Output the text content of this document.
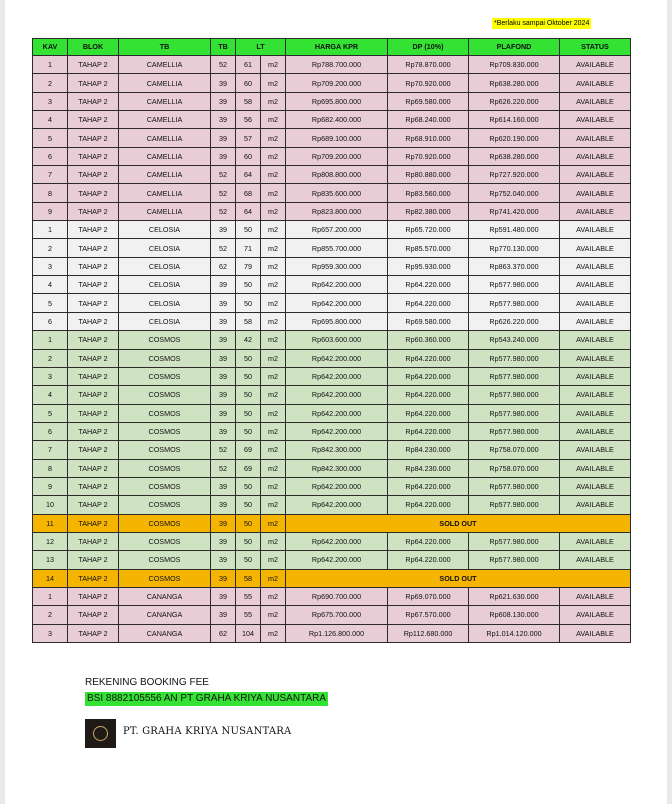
*Berlaku sampai Oktober 2024
KAV	BLOK	TB	TB	LT		HARGA KPR	DP (10%)	PLAFOND	STATUS
1	TAHAP 2	CAMELLIA	52	61	m2	Rp788.700.000	Rp78.870.000	Rp709.830.000	AVAILABLE
2	TAHAP 2	CAMELLIA	39	60	m2	Rp709.200.000	Rp70.920.000	Rp638.280.000	AVAILABLE
3	TAHAP 2	CAMELLIA	39	58	m2	Rp695.800.000	Rp69.580.000	Rp626.220.000	AVAILABLE
4	TAHAP 2	CAMELLIA	39	56	m2	Rp682.400.000	Rp68.240.000	Rp614.160.000	AVAILABLE
5	TAHAP 2	CAMELLIA	39	57	m2	Rp689.100.000	Rp68.910.000	Rp620.190.000	AVAILABLE
6	TAHAP 2	CAMELLIA	39	60	m2	Rp709.200.000	Rp70.920.000	Rp638.280.000	AVAILABLE
7	TAHAP 2	CAMELLIA	52	64	m2	Rp808.800.000	Rp80.880.000	Rp727.920.000	AVAILABLE
8	TAHAP 2	CAMELLIA	52	68	m2	Rp835.600.000	Rp83.560.000	Rp752.040.000	AVAILABLE
9	TAHAP 2	CAMELLIA	52	64	m2	Rp823.800.000	Rp82.380.000	Rp741.420.000	AVAILABLE
1	TAHAP 2	CELOSIA	39	50	m2	Rp657.200.000	Rp65.720.000	Rp591.480.000	AVAILABLE
2	TAHAP 2	CELOSIA	52	71	m2	Rp855.700.000	Rp85.570.000	Rp770.130.000	AVAILABLE
3	TAHAP 2	CELOSIA	62	79	m2	Rp959.300.000	Rp95.930.000	Rp863.370.000	AVAILABLE
4	TAHAP 2	CELOSIA	39	50	m2	Rp642.200.000	Rp64.220.000	Rp577.980.000	AVAILABLE
5	TAHAP 2	CELOSIA	39	50	m2	Rp642.200.000	Rp64.220.000	Rp577.980.000	AVAILABLE
6	TAHAP 2	CELOSIA	39	58	m2	Rp695.800.000	Rp69.580.000	Rp626.220.000	AVAILABLE
1	TAHAP 2	COSMOS	39	42	m2	Rp603.600.000	Rp60.360.000	Rp543.240.000	AVAILABLE
2	TAHAP 2	COSMOS	39	50	m2	Rp642.200.000	Rp64.220.000	Rp577.980.000	AVAILABLE
3	TAHAP 2	COSMOS	39	50	m2	Rp642.200.000	Rp64.220.000	Rp577.980.000	AVAILABLE
4	TAHAP 2	COSMOS	39	50	m2	Rp642.200.000	Rp64.220.000	Rp577.980.000	AVAILABLE
5	TAHAP 2	COSMOS	39	50	m2	Rp642.200.000	Rp64.220.000	Rp577.980.000	AVAILABLE
6	TAHAP 2	COSMOS	39	50	m2	Rp642.200.000	Rp64.220.000	Rp577.980.000	AVAILABLE
7	TAHAP 2	COSMOS	52	69	m2	Rp842.300.000	Rp84.230.000	Rp758.070.000	AVAILABLE
8	TAHAP 2	COSMOS	52	69	m2	Rp842.300.000	Rp84.230.000	Rp758.070.000	AVAILABLE
9	TAHAP 2	COSMOS	39	50	m2	Rp642.200.000	Rp64.220.000	Rp577.980.000	AVAILABLE
10	TAHAP 2	COSMOS	39	50	m2	Rp642.200.000	Rp64.220.000	Rp577.980.000	AVAILABLE
11	TAHAP 2	COSMOS	39	50	m2	SOLD OUT			
12	TAHAP 2	COSMOS	39	50	m2	Rp642.200.000	Rp64.220.000	Rp577.980.000	AVAILABLE
13	TAHAP 2	COSMOS	39	50	m2	Rp642.200.000	Rp64.220.000	Rp577.980.000	AVAILABLE
14	TAHAP 2	COSMOS	39	58	m2	SOLD OUT			
1	TAHAP 2	CANANGA	39	55	m2	Rp690.700.000	Rp69.070.000	Rp621.630.000	AVAILABLE
2	TAHAP 2	CANANGA	39	55	m2	Rp675.700.000	Rp67.570.000	Rp608.130.000	AVAILABLE
3	TAHAP 2	CANANGA	62	104	m2	Rp1.126.800.000	Rp112.680.000	Rp1.014.120.000	AVAILABLE
REKENING BOOKING FEE
BSI 8882105556 AN PT GRAHA KRIYA NUSANTARA
PT. GRAHA KRIYA NUSANTARA
